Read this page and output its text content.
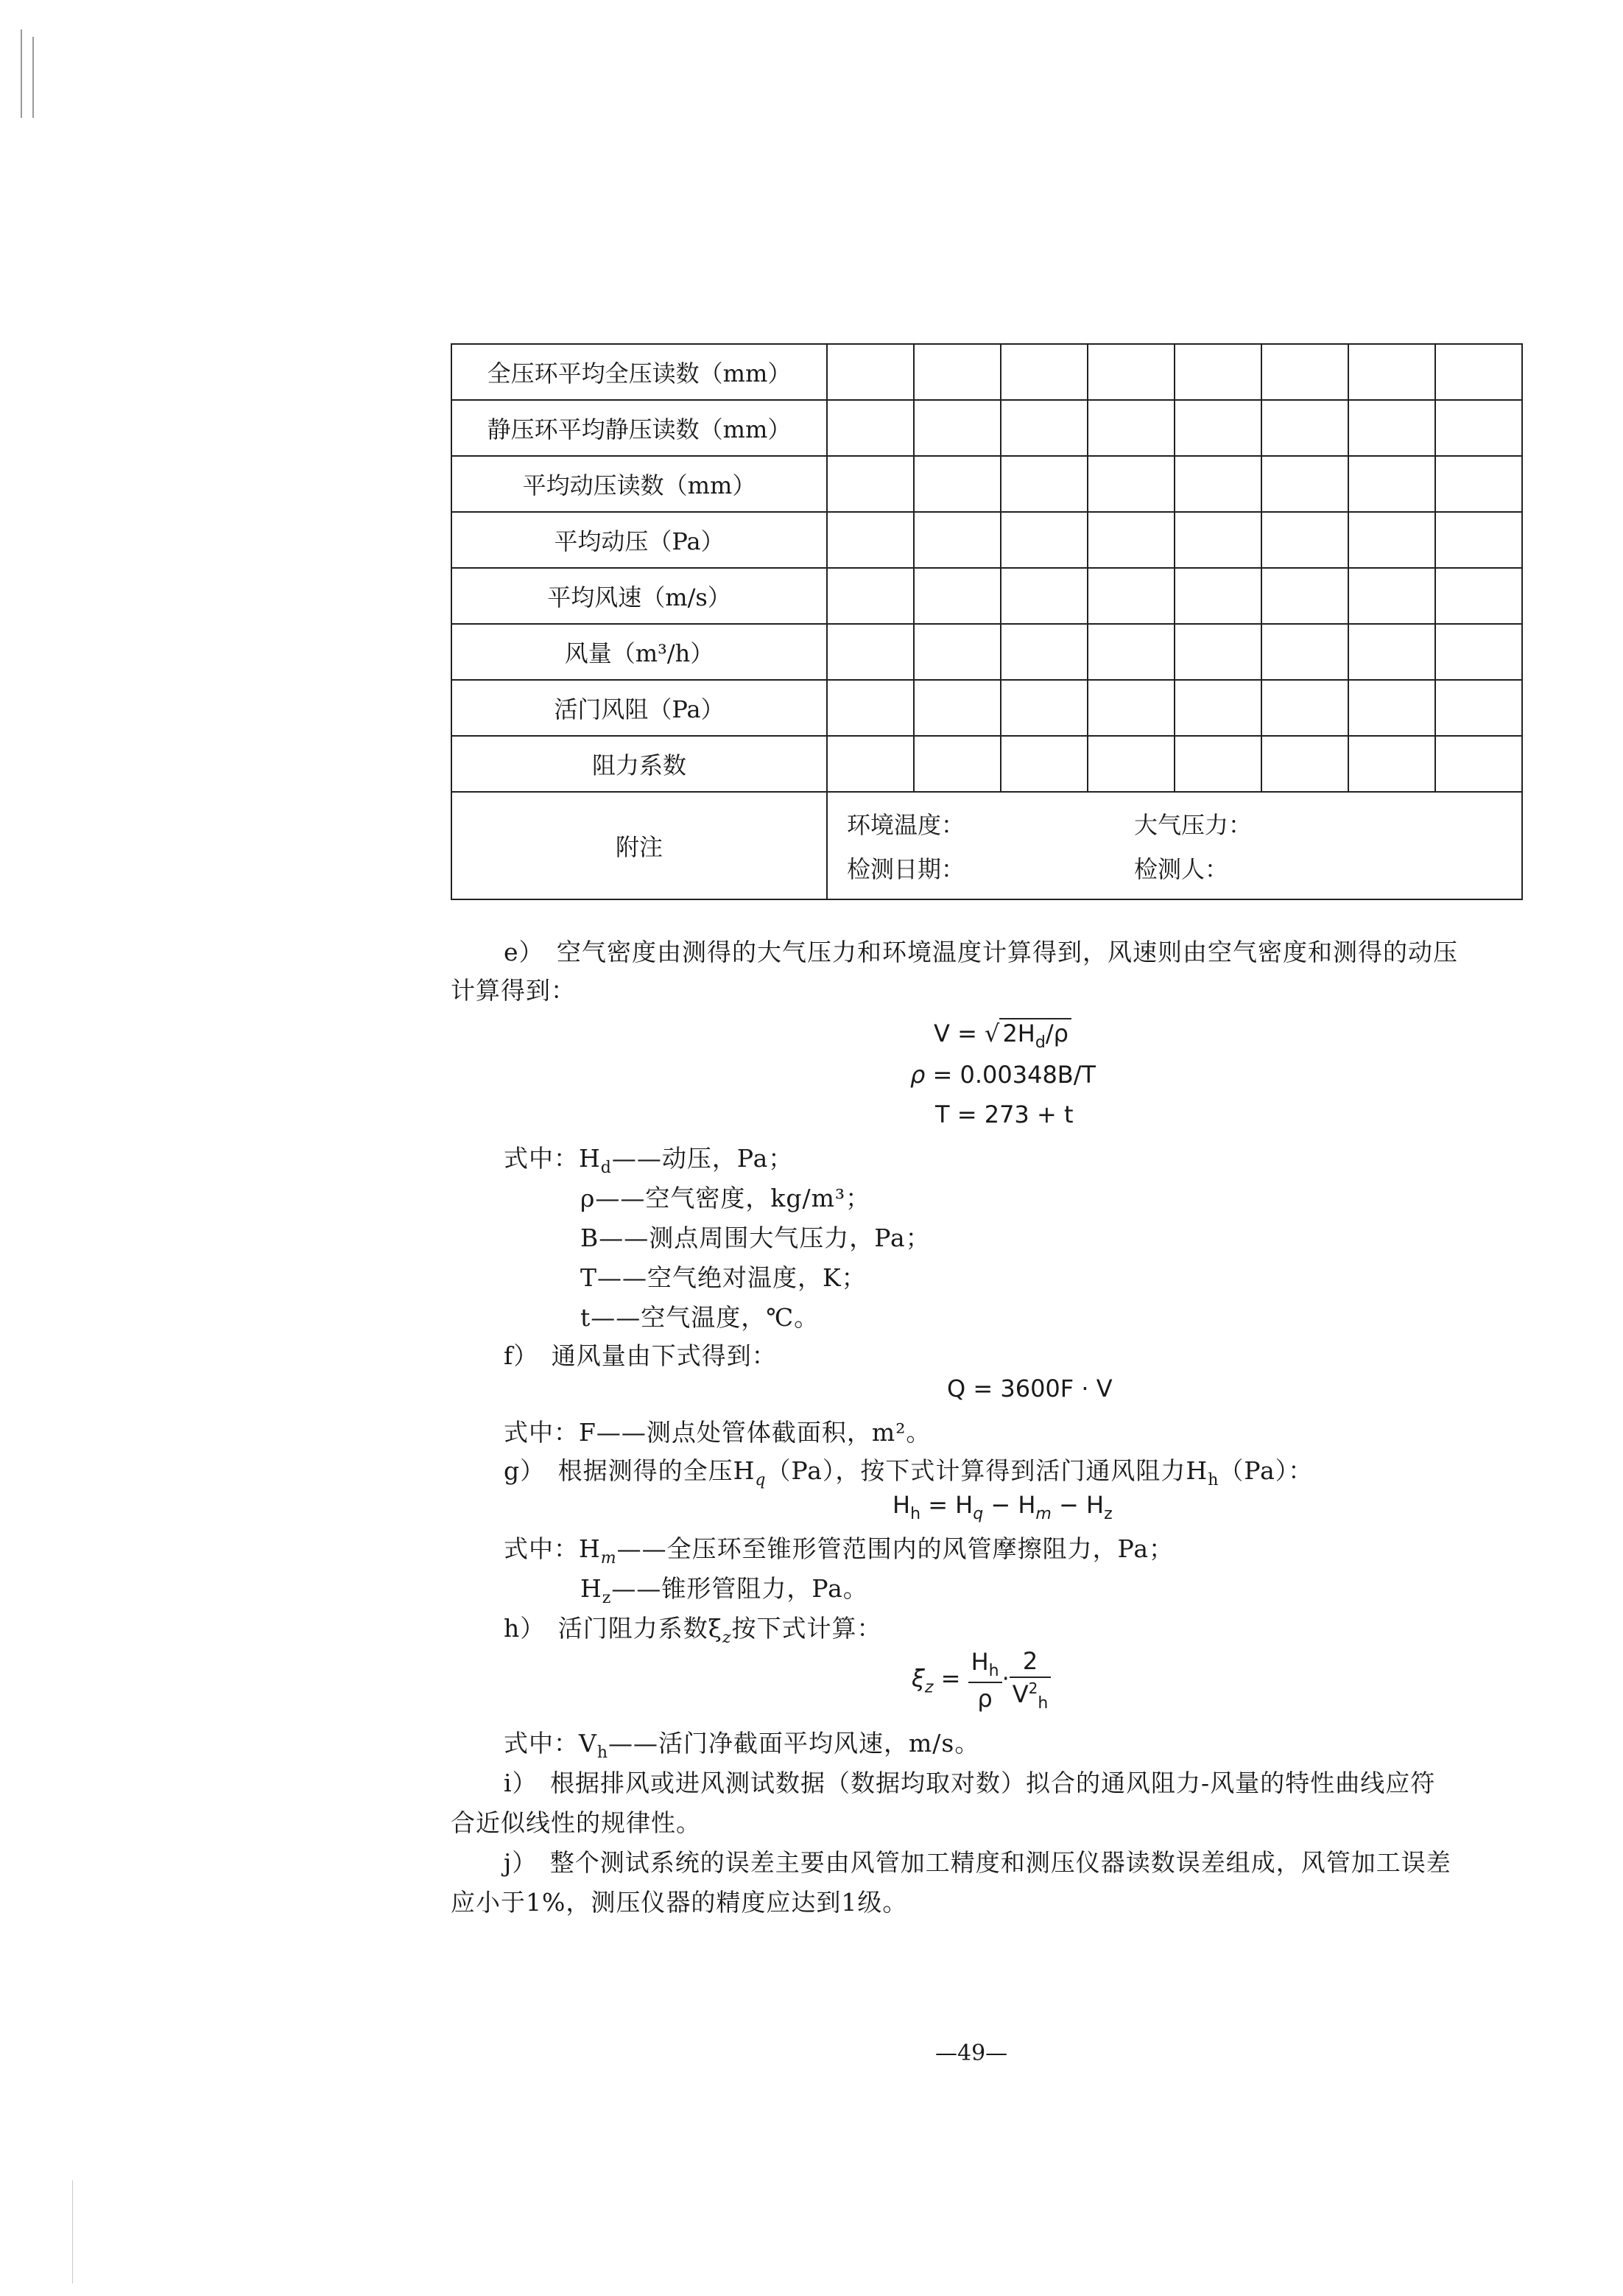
全压环平均全压读数（mm）								
静压环平均静压读数（mm）								
平均动压读数（mm）								
平均动压（Pa）								
平均风速（m/s）								
风量（m³/h）								
活门风阻（Pa）								
阻力系数								
附注	环境温度： 大气压力：
检测日期： 检测人：							
e）　空气密度由测得的大气压力和环境温度计算得到，风速则由空气密度和测得的动压
计算得到：
V = √ $2H_d/\rho$
ρ = 0.00348B/T
T = 273 + t
式中：$H_d——$动压，Pa；
ρ——空气密度，kg/m³；
B——测点周围大气压力，Pa；
T——空气绝对温度，K；
t——空气温度，℃。
f）　通风量由下式得到：
Q = 3600F · V
式中：F——测点处管体截面积，m²。
g）　根据测得的全压$H_q(Pa)$，按下式计算得到活门通风阻力$H_h(Pa)$：
$H_h = H_q - H_m - H_z$
式中：$H_m——$全压环至锥形管范围内的风管摩擦阻力，Pa；
$H_z——$锥形管阻力，Pa。
h）　活门阻力系数$\xi_z$按下式计算：
$\xi_z = \frac{H_h}{\rho} \cdot \frac{2}{V^2_h}$
式中：$V_h——$活门净截面平均风速，m/s。
i）　根据排风或进风测试数据（数据均取对数）拟合的通风阻力-风量的特性曲线应符
合近似线性的规律性。
j）　整个测试系统的误差主要由风管加工精度和测压仪器读数误差组成，风管加工误差
应小于1%，测压仪器的精度应达到1级。
—49—
